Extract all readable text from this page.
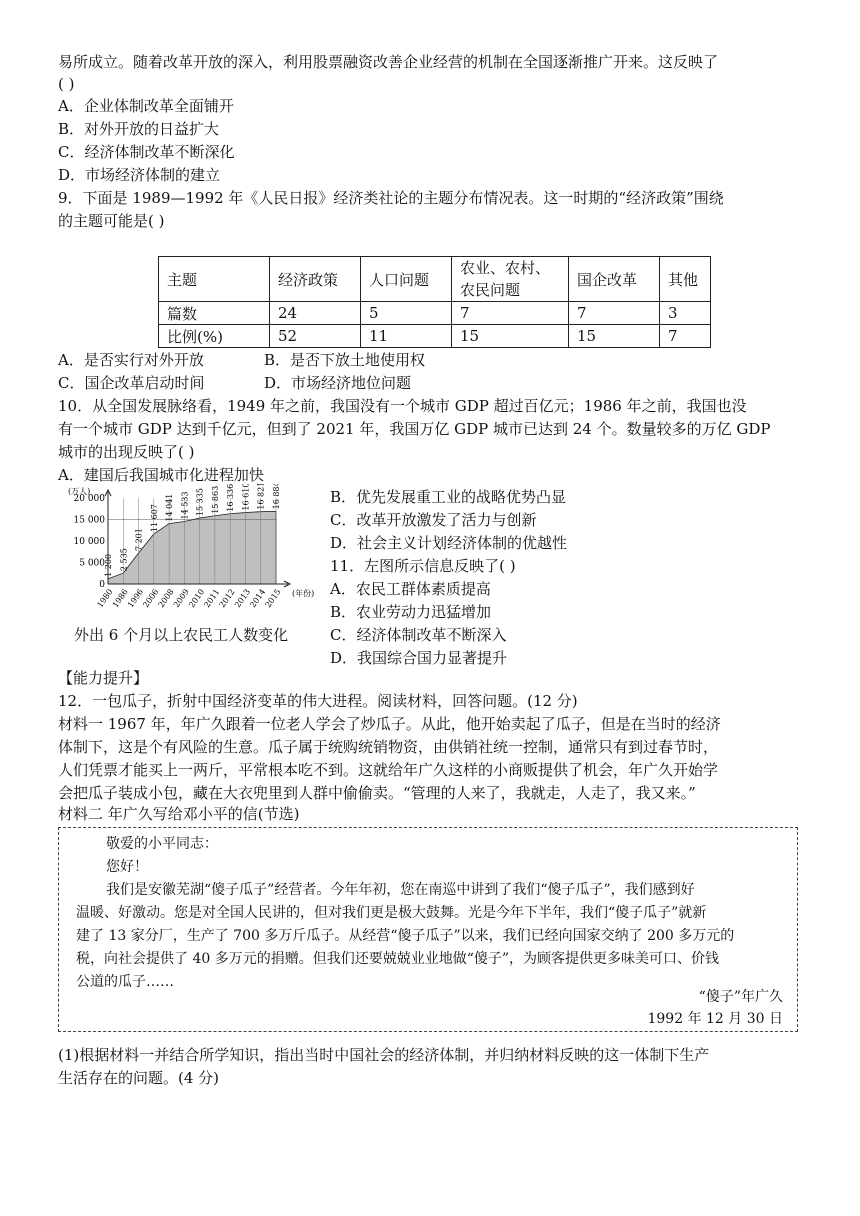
易所成立。随着改革开放的深入，利用股票融资改善企业经营的机制在全国逐渐推广开来。这反映了
( )
A．企业体制改革全面铺开
B．对外开放的日益扩大
C．经济体制改革不断深化
D．市场经济体制的建立
9．下面是 1989—1992 年《人民日报》经济类社论的主题分布情况表。这一时期的“经济政策”围绕
的主题可能是( )
主题	经济政策	人口问题	农业、农村、
农民问题	国企改革	其他
篇数	24	5	7	7	3
比例(%)	52	11	15	15	7
A．是否实行对外开放	B．是否下放土地使用权
C．国企改革启动时间	D．市场经济地位问题
10．从全国发展脉络看，1949 年之前，我国没有一个城市 GDP 超过百亿元；1986 年之前，我国也没
有一个城市 GDP 达到千亿元，但到了 2021 年，我国万亿 GDP 城市已达到 24 个。数量较多的万亿 GDP
城市的出现反映了( )
A．建国后我国城市化进程加快
0
5 000
10 000
15 000
20 000
(万人)
(年份)
1980
1986
1996
2006
2008
2009
2010
2011
2012
2013
2014
2015
1 200 2 535
7 201
11 607 14 041 14 533 15 335 15 863 16 336 16 610 16 821 16 884
外出 6 个月以上农民工人数变化
B．优先发展重工业的战略优势凸显
C．改革开放激发了活力与创新
D．社会主义计划经济体制的优越性
11．左图所示信息反映了( )
A．农民工群体素质提高
B．农业劳动力迅猛增加
C．经济体制改革不断深入
D．我国综合国力显著提升
【能力提升】
12．一包瓜子，折射中国经济变革的伟大进程。阅读材料，回答问题。(12 分)
材料一 1967 年，年广久跟着一位老人学会了炒瓜子。从此，他开始卖起了瓜子，但是在当时的经济
体制下，这是个有风险的生意。瓜子属于统购统销物资，由供销社统一控制，通常只有到过春节时，
人们凭票才能买上一两斤，平常根本吃不到。这就给年广久这样的小商贩提供了机会，年广久开始学
会把瓜子装成小包，藏在大衣兜里到人群中偷偷卖。“管理的人来了，我就走，人走了，我又来。”
材料二 年广久写给邓小平的信(节选)
敬爱的小平同志：
您好！
我们是安徽芜湖“傻子瓜子”经营者。今年年初，您在南巡中讲到了我们“傻子瓜子”，我们感到好
温暖、好激动。您是对全国人民讲的，但对我们更是极大鼓舞。光是今年下半年，我们“傻子瓜子”就新
建了 13 家分厂，生产了 700 多万斤瓜子。从经营“傻子瓜子”以来，我们已经向国家交纳了 200 多万元的
税，向社会提供了 40 多万元的捐赠。但我们还要兢兢业业地做“傻子”，为顾客提供更多味美可口、价钱
公道的瓜子……
“傻子”年广久
1992 年 12 月 30 日
(1)根据材料一并结合所学知识，指出当时中国社会的经济体制，并归纳材料反映的这一体制下生产
生活存在的问题。(4 分)
